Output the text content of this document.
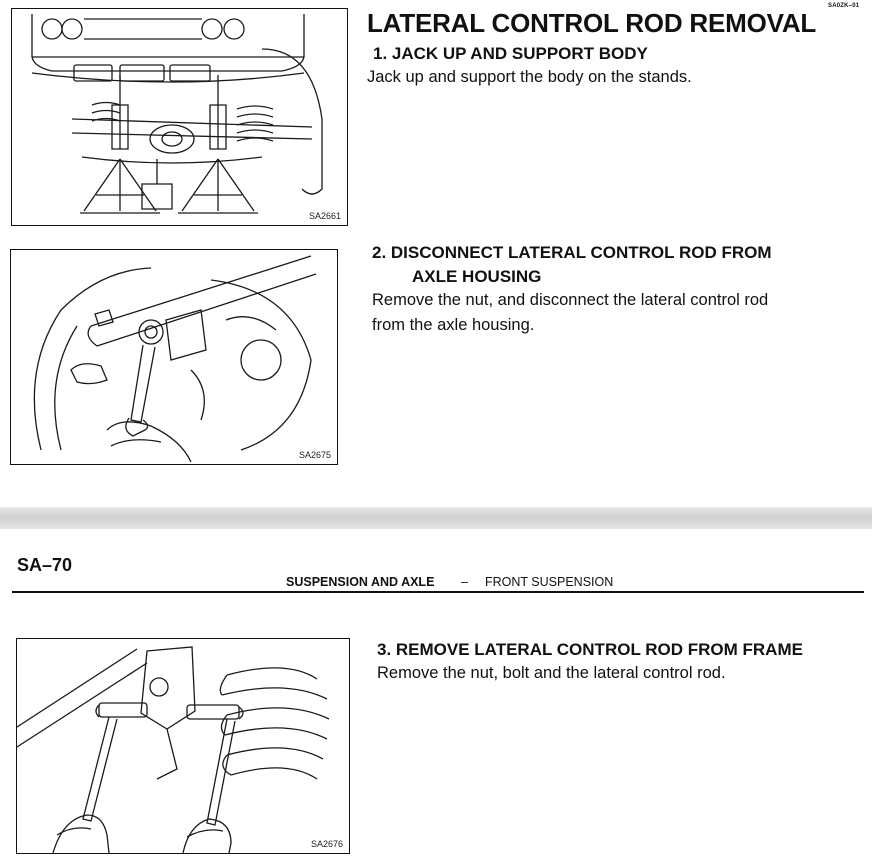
SA0ZK–01
SA2661
LATERAL CONTROL ROD REMOVAL
1. JACK UP AND SUPPORT BODY
Jack up and support the body on the stands.
SA2675
2. DISCONNECT LATERAL CONTROL ROD FROM
AXLE HOUSING
Remove the nut, and disconnect the lateral control rod
from the axle housing.
SA–70
SUSPENSION AND AXLE – FRONT SUSPENSION
SA2676
3. REMOVE LATERAL CONTROL ROD FROM FRAME
Remove the nut, bolt and the lateral control rod.
